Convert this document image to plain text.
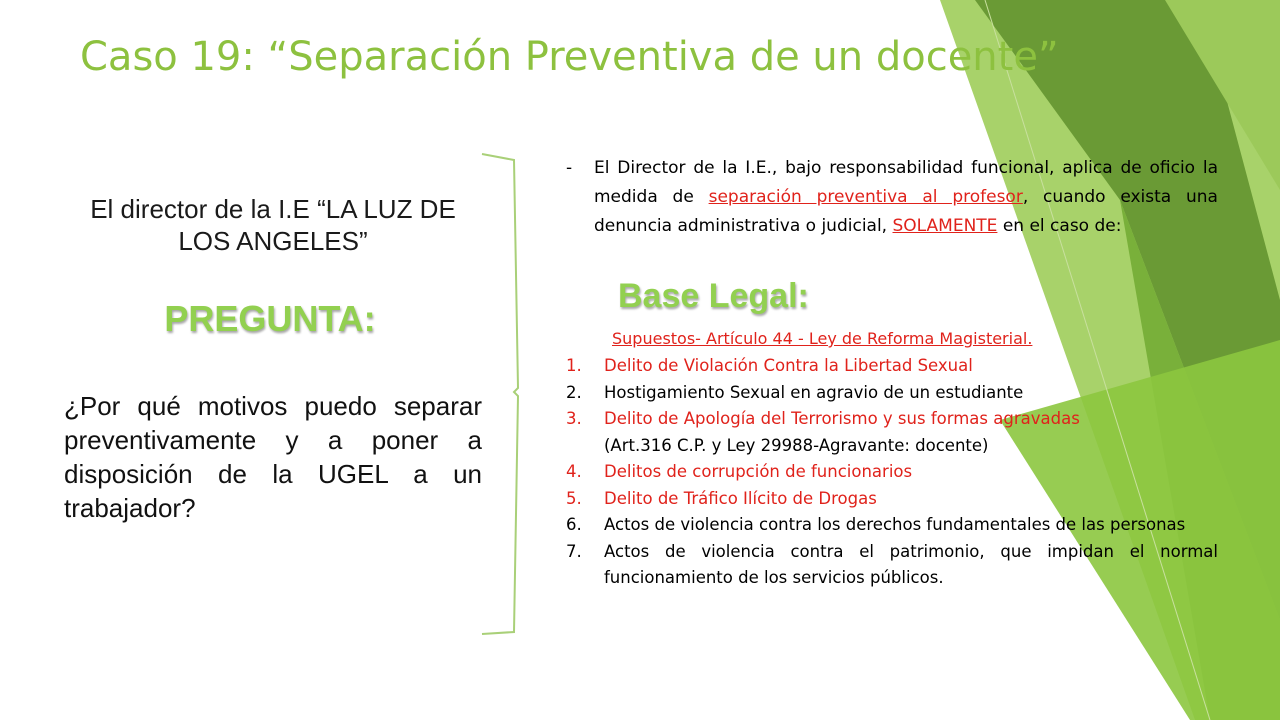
Caso 19: “Separación Preventiva de un docente”
El director de la I.E “LA LUZ DE LOS ANGELES”
PREGUNTA:
¿Por qué motivos puedo separar preventivamente y a poner a disposición de la UGEL a un trabajador?
- El Director de la I.E., bajo responsabilidad funcional, aplica de oficio la medida de separación preventiva al profesor, cuando exista una denuncia administrativa o judicial, SOLAMENTE en el caso de:
Base Legal:
Supuestos- Artículo 44 - Ley de Reforma Magisterial.
1. Delito de Violación Contra la Libertad Sexual
2. Hostigamiento Sexual en agravio de un estudiante
3. Delito de Apología del Terrorismo y sus formas agravadas
(Art.316 C.P. y Ley 29988-Agravante: docente)
4. Delitos de corrupción de funcionarios
5. Delito de Tráfico Ilícito de Drogas
6. Actos de violencia contra los derechos fundamentales de las personas
7. Actos de violencia contra el patrimonio, que impidan el normal funcionamiento de los servicios públicos.
